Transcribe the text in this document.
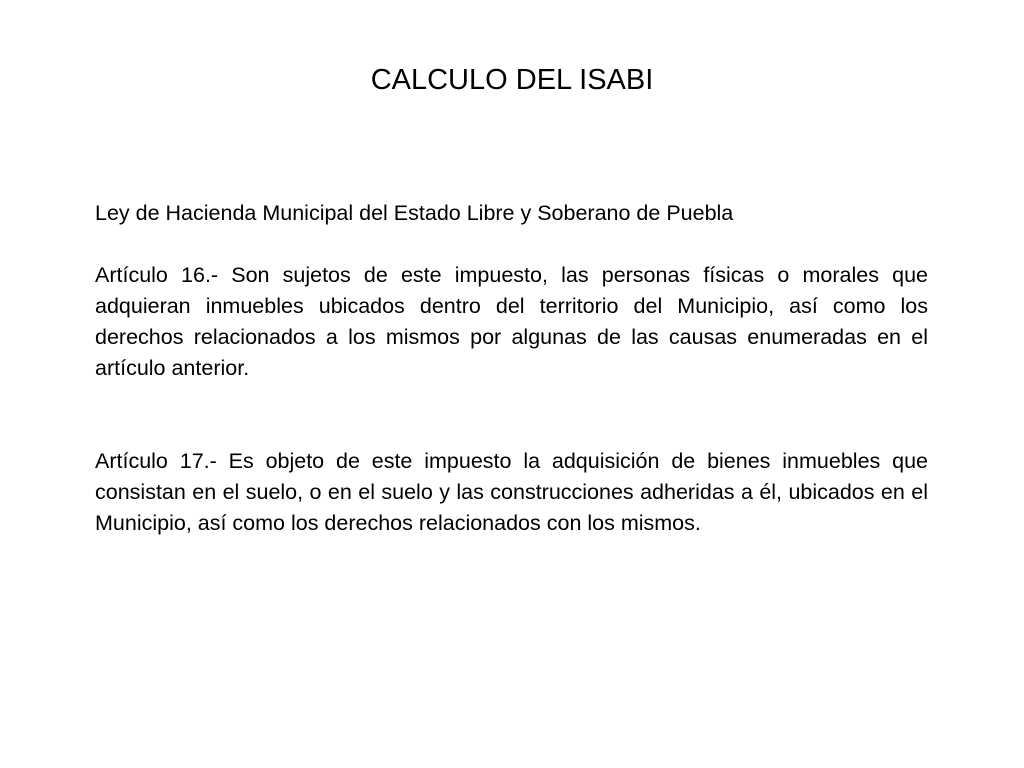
CALCULO DEL ISABI

Ley de Hacienda Municipal del Estado Libre y Soberano de Puebla

Artículo 16.- Son sujetos de este impuesto, las personas físicas o morales que adquieran inmuebles ubicados dentro del territorio del Municipio, así como los derechos relacionados a los mismos por algunas de las causas enumeradas en el artículo anterior.

Artículo 17.- Es objeto de este impuesto la adquisición de bienes inmuebles que consistan en el suelo, o en el suelo y las construcciones adheridas a él, ubicados en el Municipio, así como los derechos relacionados con los mismos.
